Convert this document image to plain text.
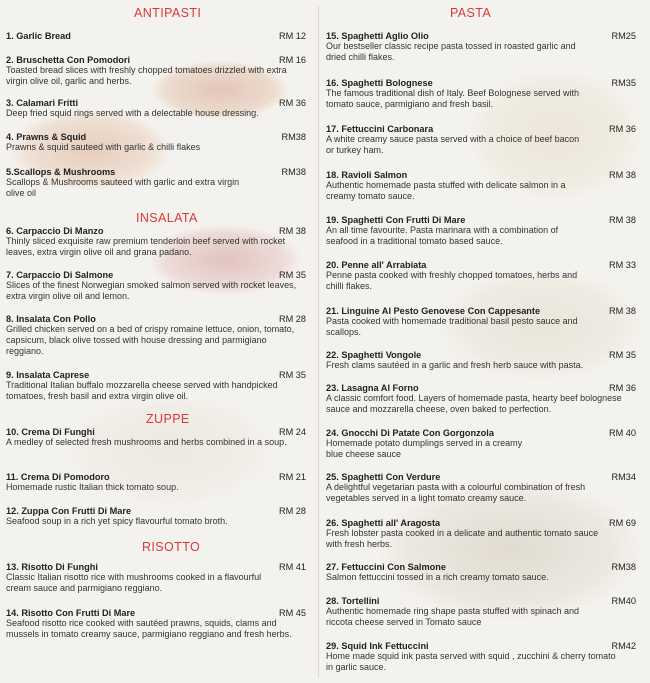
ANTIPASTI
1. Garlic Bread	RM 12
2. Bruschetta Con Pomodori	RM 16
Toasted bread slices with freshly chopped tomatoes drizzled with extra virgin olive oil, garlic and herbs.
3. Calamari Fritti	RM 36
Deep fried squid rings served with a delectable house dressing.
4. Prawns & Squid	RM38
Prawns & squid sauteed with garlic & chilli flakes
5.Scallops & Mushrooms	RM38
Scallops & Mushrooms sauteed with garlic and extra virgin olive oil
INSALATA
6. Carpaccio Di Manzo	RM 38
Thinly sliced exquisite raw premium tenderloin beef served with rocket leaves, extra virgin olive oil and grana padano.
7. Carpaccio Di Salmone	RM 35
Slices of the finest Norwegian smoked salmon served with rocket leaves, extra virgin olive oil and lemon.
8. Insalata Con Pollo	RM 28
Grilled chicken served on a bed of crispy romaine lettuce, onion, tomato, capsicum, black olive tossed with house dressing and parmigiano reggiano.
9. Insalata Caprese	RM 35
Traditional Italian buffalo mozzarella cheese served with handpicked tomatoes, fresh basil and extra virgin olive oil.
ZUPPE
10. Crema Di Funghi	RM 24
A medley of selected fresh mushrooms and herbs combined in a soup.
11. Crema Di Pomodoro	RM 21
Homemade rustic Italian thick tomato soup.
12. Zuppa Con Frutti Di Mare	RM 28
Seafood soup in a rich yet spicy flavourful tomato broth.
RISOTTO
13. Risotto Di Funghi	RM 41
Classic Italian risotto rice with mushrooms cooked in a flavourful cream sauce and parmigiano reggiano.
14. Risotto Con Frutti Di Mare	RM 45
Seafood risotto rice cooked with sautéed prawns, squids, clams and mussels in tomato creamy sauce, parmigiano reggiano and fresh herbs.
PASTA
15. Spaghetti Aglio Olio	RM25
Our bestseller classic recipe pasta tossed in roasted garlic and dried chilli flakes.
16. Spaghetti Bolognese	RM35
The famous traditional dish of Italy. Beef Bolognese served with tomato sauce, parmigiano and fresh basil.
17. Fettuccini Carbonara	RM 36
A white creamy sauce pasta served with a choice of beef bacon or turkey ham.
18. Ravioli Salmon	RM 38
Authentic homemade pasta stuffed with delicate salmon in a creamy tomato sauce.
19. Spaghetti Con Frutti Di Mare	RM 38
An all time favourite. Pasta marinara with a combination of seafood in a traditional tomato based sauce.
20. Penne all' Arrabiata	RM 33
Penne pasta cooked with freshly chopped tomatoes, herbs and chilli flakes.
21. Linguine Al Pesto Genovese Con Cappesante	RM 38
Pasta cooked with homemade traditional basil pesto sauce and scallops.
22. Spaghetti Vongole	RM 35
Fresh clams sautéed in a garlic and fresh herb sauce with pasta.
23. Lasagna Al Forno	RM 36
A classic comfort food. Layers of homemade pasta, hearty beef bolognese sauce and mozzarella cheese, oven baked to perfection.
24. Gnocchi Di Patate Con Gorgonzola	RM 40
Homemade potato dumplings served in a creamy blue cheese sauce
25. Spaghetti Con Verdure	RM34
A delightful vegetarian pasta with a colourful combination of fresh vegetables served in a light tomato creamy sauce.
26. Spaghetti all' Aragosta	RM 69
Fresh lobster pasta cooked in a delicate and authentic tomato sauce with fresh herbs.
27. Fettuccini Con Salmone	RM38
Salmon fettuccini tossed in a rich creamy tomato sauce.
28. Tortellini	RM40
Authentic homemade ring shape pasta stuffed with spinach and riccota cheese served in Tomato sauce
29. Squid Ink Fettuccini	RM42
Home made squid ink pasta served with squid , zucchini & cherry tomato in garlic sauce.
